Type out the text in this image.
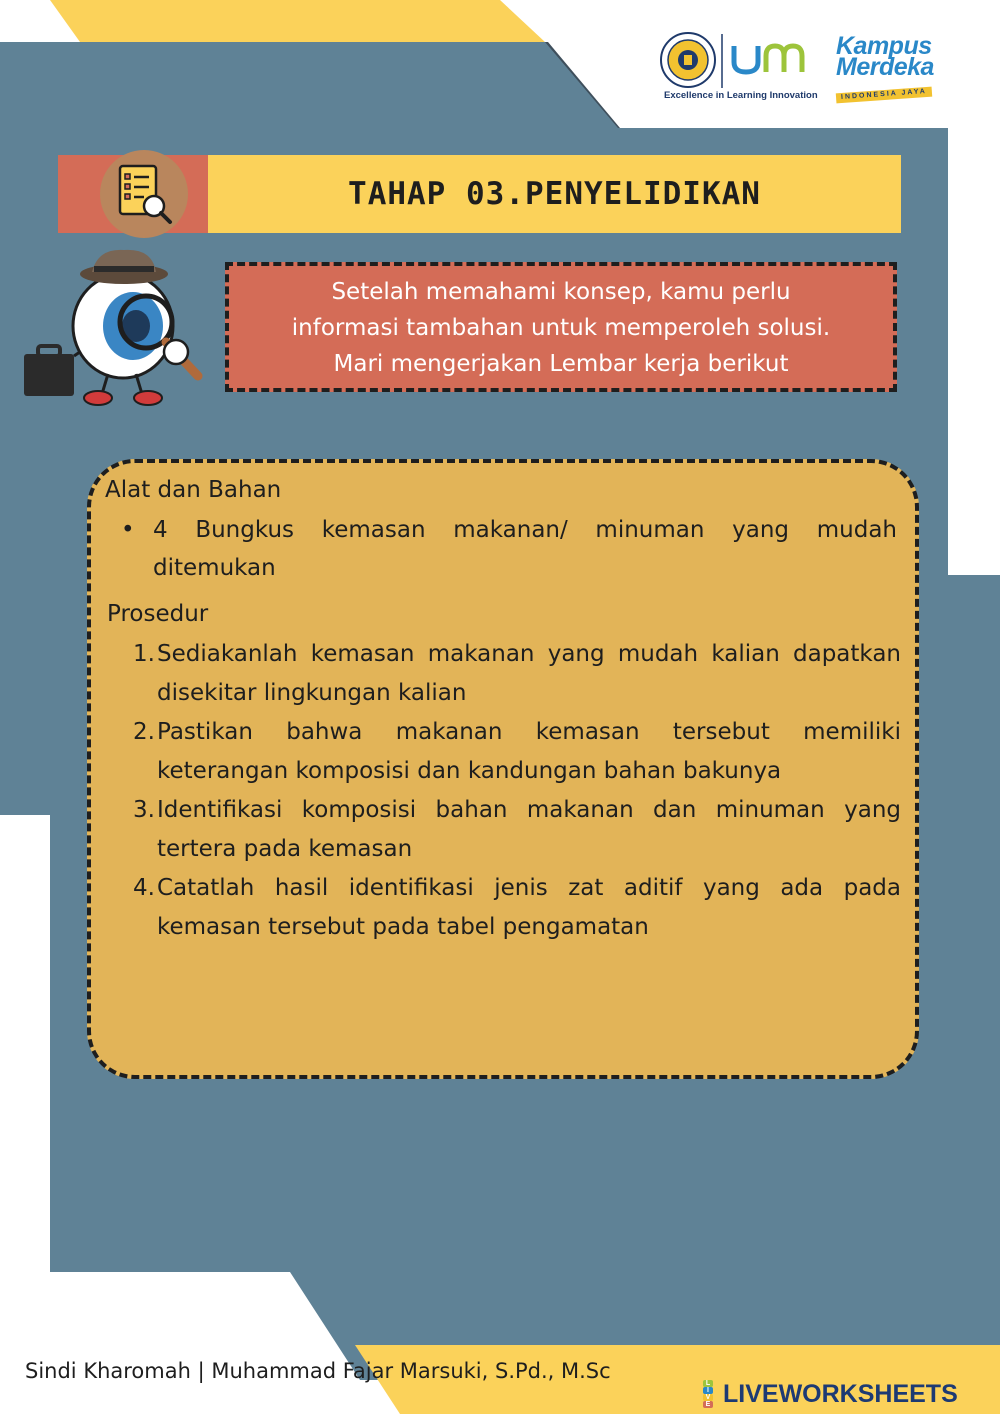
Excellence in Learning Innovation
Kampus
Merdeka
INDONESIA JAYA
TAHAP 03.PENYELIDIKAN
Setelah memahami konsep, kamu perlu
informasi tambahan untuk memperoleh solusi.
Mari mengerjakan Lembar kerja berikut
Alat dan Bahan
• 4 Bungkus kemasan makanan/ minuman yang mudah ditemukan
Prosedur
1. Sediakanlah kemasan makanan yang mudah kalian dapatkan disekitar lingkungan kalian
2. Pastikan bahwa makanan kemasan tersebut memiliki keterangan komposisi dan kandungan bahan bakunya
3. Identifikasi komposisi bahan makanan dan minuman yang tertera pada kemasan
4. Catatlah hasil identifikasi jenis zat aditif yang ada pada kemasan tersebut pada tabel pengamatan
Sindi Kharomah | Muhammad Fajar Marsuki, S.Pd., M.Sc
L
I
V
E LIVEWORKSHEETS
